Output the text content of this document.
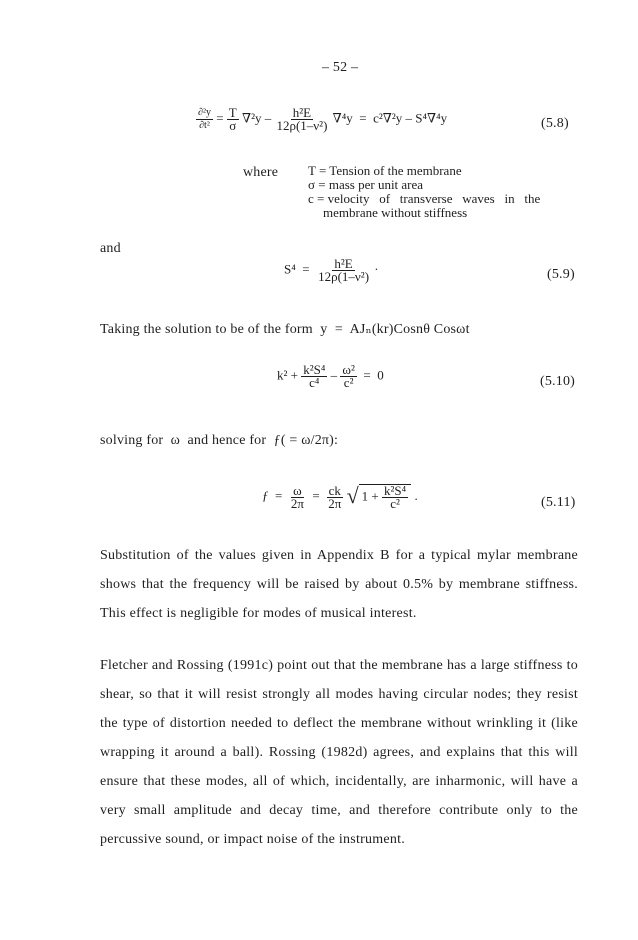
– 52 –
$\frac{\text{∂²y}}{\text{∂t²}} = \frac{T}{\sigma} \nabla^2y - \frac{\text{h²E}}{\text{12ρ(1–ν²)}} \nabla^4y = c^2\nabla^2y - S^4\nabla^4y$	(5.8)
where T = Tension of the membrane
σ = mass per unit area
c = velocity   of   transverse   waves   in   the
membrane without stiffness
and
$S^4 = \frac{\text{h²E}}{\text{12ρ(1–ν²)}}$ ·	(5.9)
Taking the solution to be of the form  y  =  AJₙ(kr)Cosnθ Cosωt
$k^2 + \frac{\text{k²S⁴}}{\text{c⁴}} - \frac{\text{ω²}}{\text{c²}} = 0$	(5.10)
solving for  ω  and hence for  ƒ( = ω/2π):
ƒ = $\frac{\omega}{2\pi} = \frac{ck}{2\pi}$ √ $1 + \frac{\text{k²S⁴}}{\text{c²}}$ .	(5.11)
Substitution of the values given in Appendix B for a typical mylar membrane shows that the frequency will be raised by about 0.5% by membrane stiffness. This effect is negligible for modes of musical interest.
Fletcher and Rossing (1991c) point out that the membrane has a large stiffness to shear, so that it will resist strongly all modes having circular nodes; they resist the type of distortion needed to deflect the membrane without wrinkling it (like wrapping it around a ball). Rossing (1982d) agrees, and explains that this will ensure that these modes, all of which, incidentally, are inharmonic, will have a very small amplitude and decay time, and therefore contribute only to the percussive sound, or impact noise of the instrument.
